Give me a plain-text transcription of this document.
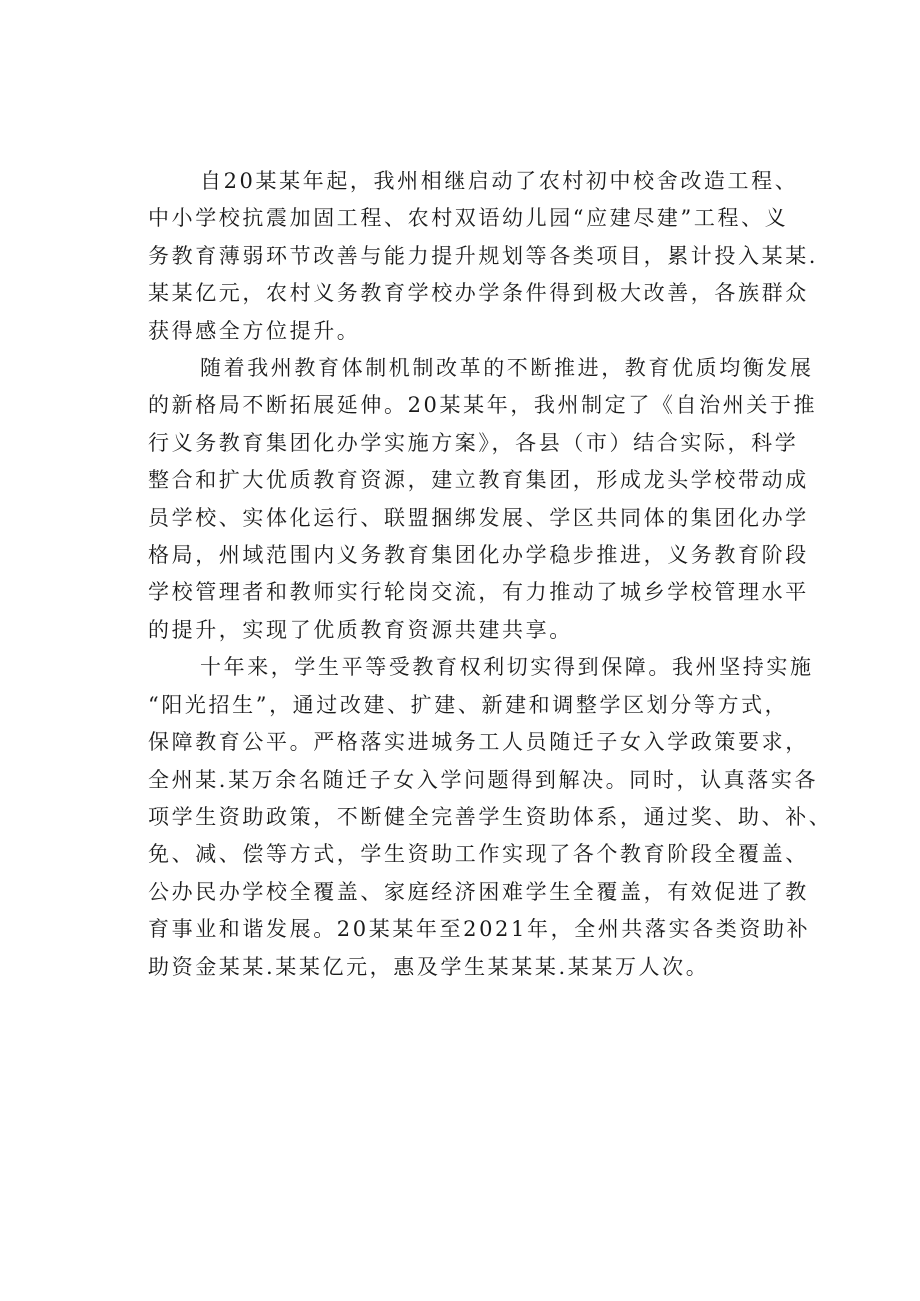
自20某某年起，我州相继启动了农村初中校舍改造工程、
中小学校抗震加固工程、农村双语幼儿园“应建尽建”工程、义
务教育薄弱环节改善与能力提升规划等各类项目，累计投入某某.
某某亿元，农村义务教育学校办学条件得到极大改善，各族群众
获得感全方位提升。

随着我州教育体制机制改革的不断推进，教育优质均衡发展
的新格局不断拓展延伸。20某某年，我州制定了《自治州关于推
行义务教育集团化办学实施方案》，各县（市）结合实际，科学
整合和扩大优质教育资源，建立教育集团，形成龙头学校带动成
员学校、实体化运行、联盟捆绑发展、学区共同体的集团化办学
格局，州域范围内义务教育集团化办学稳步推进，义务教育阶段
学校管理者和教师实行轮岗交流，有力推动了城乡学校管理水平
的提升，实现了优质教育资源共建共享。

十年来，学生平等受教育权利切实得到保障。我州坚持实施
“阳光招生”，通过改建、扩建、新建和调整学区划分等方式，
保障教育公平。严格落实进城务工人员随迁子女入学政策要求，
全州某.某万余名随迁子女入学问题得到解决。同时，认真落实各
项学生资助政策，不断健全完善学生资助体系，通过奖、助、补、
免、减、偿等方式，学生资助工作实现了各个教育阶段全覆盖、
公办民办学校全覆盖、家庭经济困难学生全覆盖，有效促进了教
育事业和谐发展。20某某年至2021年，全州共落实各类资助补
助资金某某.某某亿元，惠及学生某某某.某某万人次。
